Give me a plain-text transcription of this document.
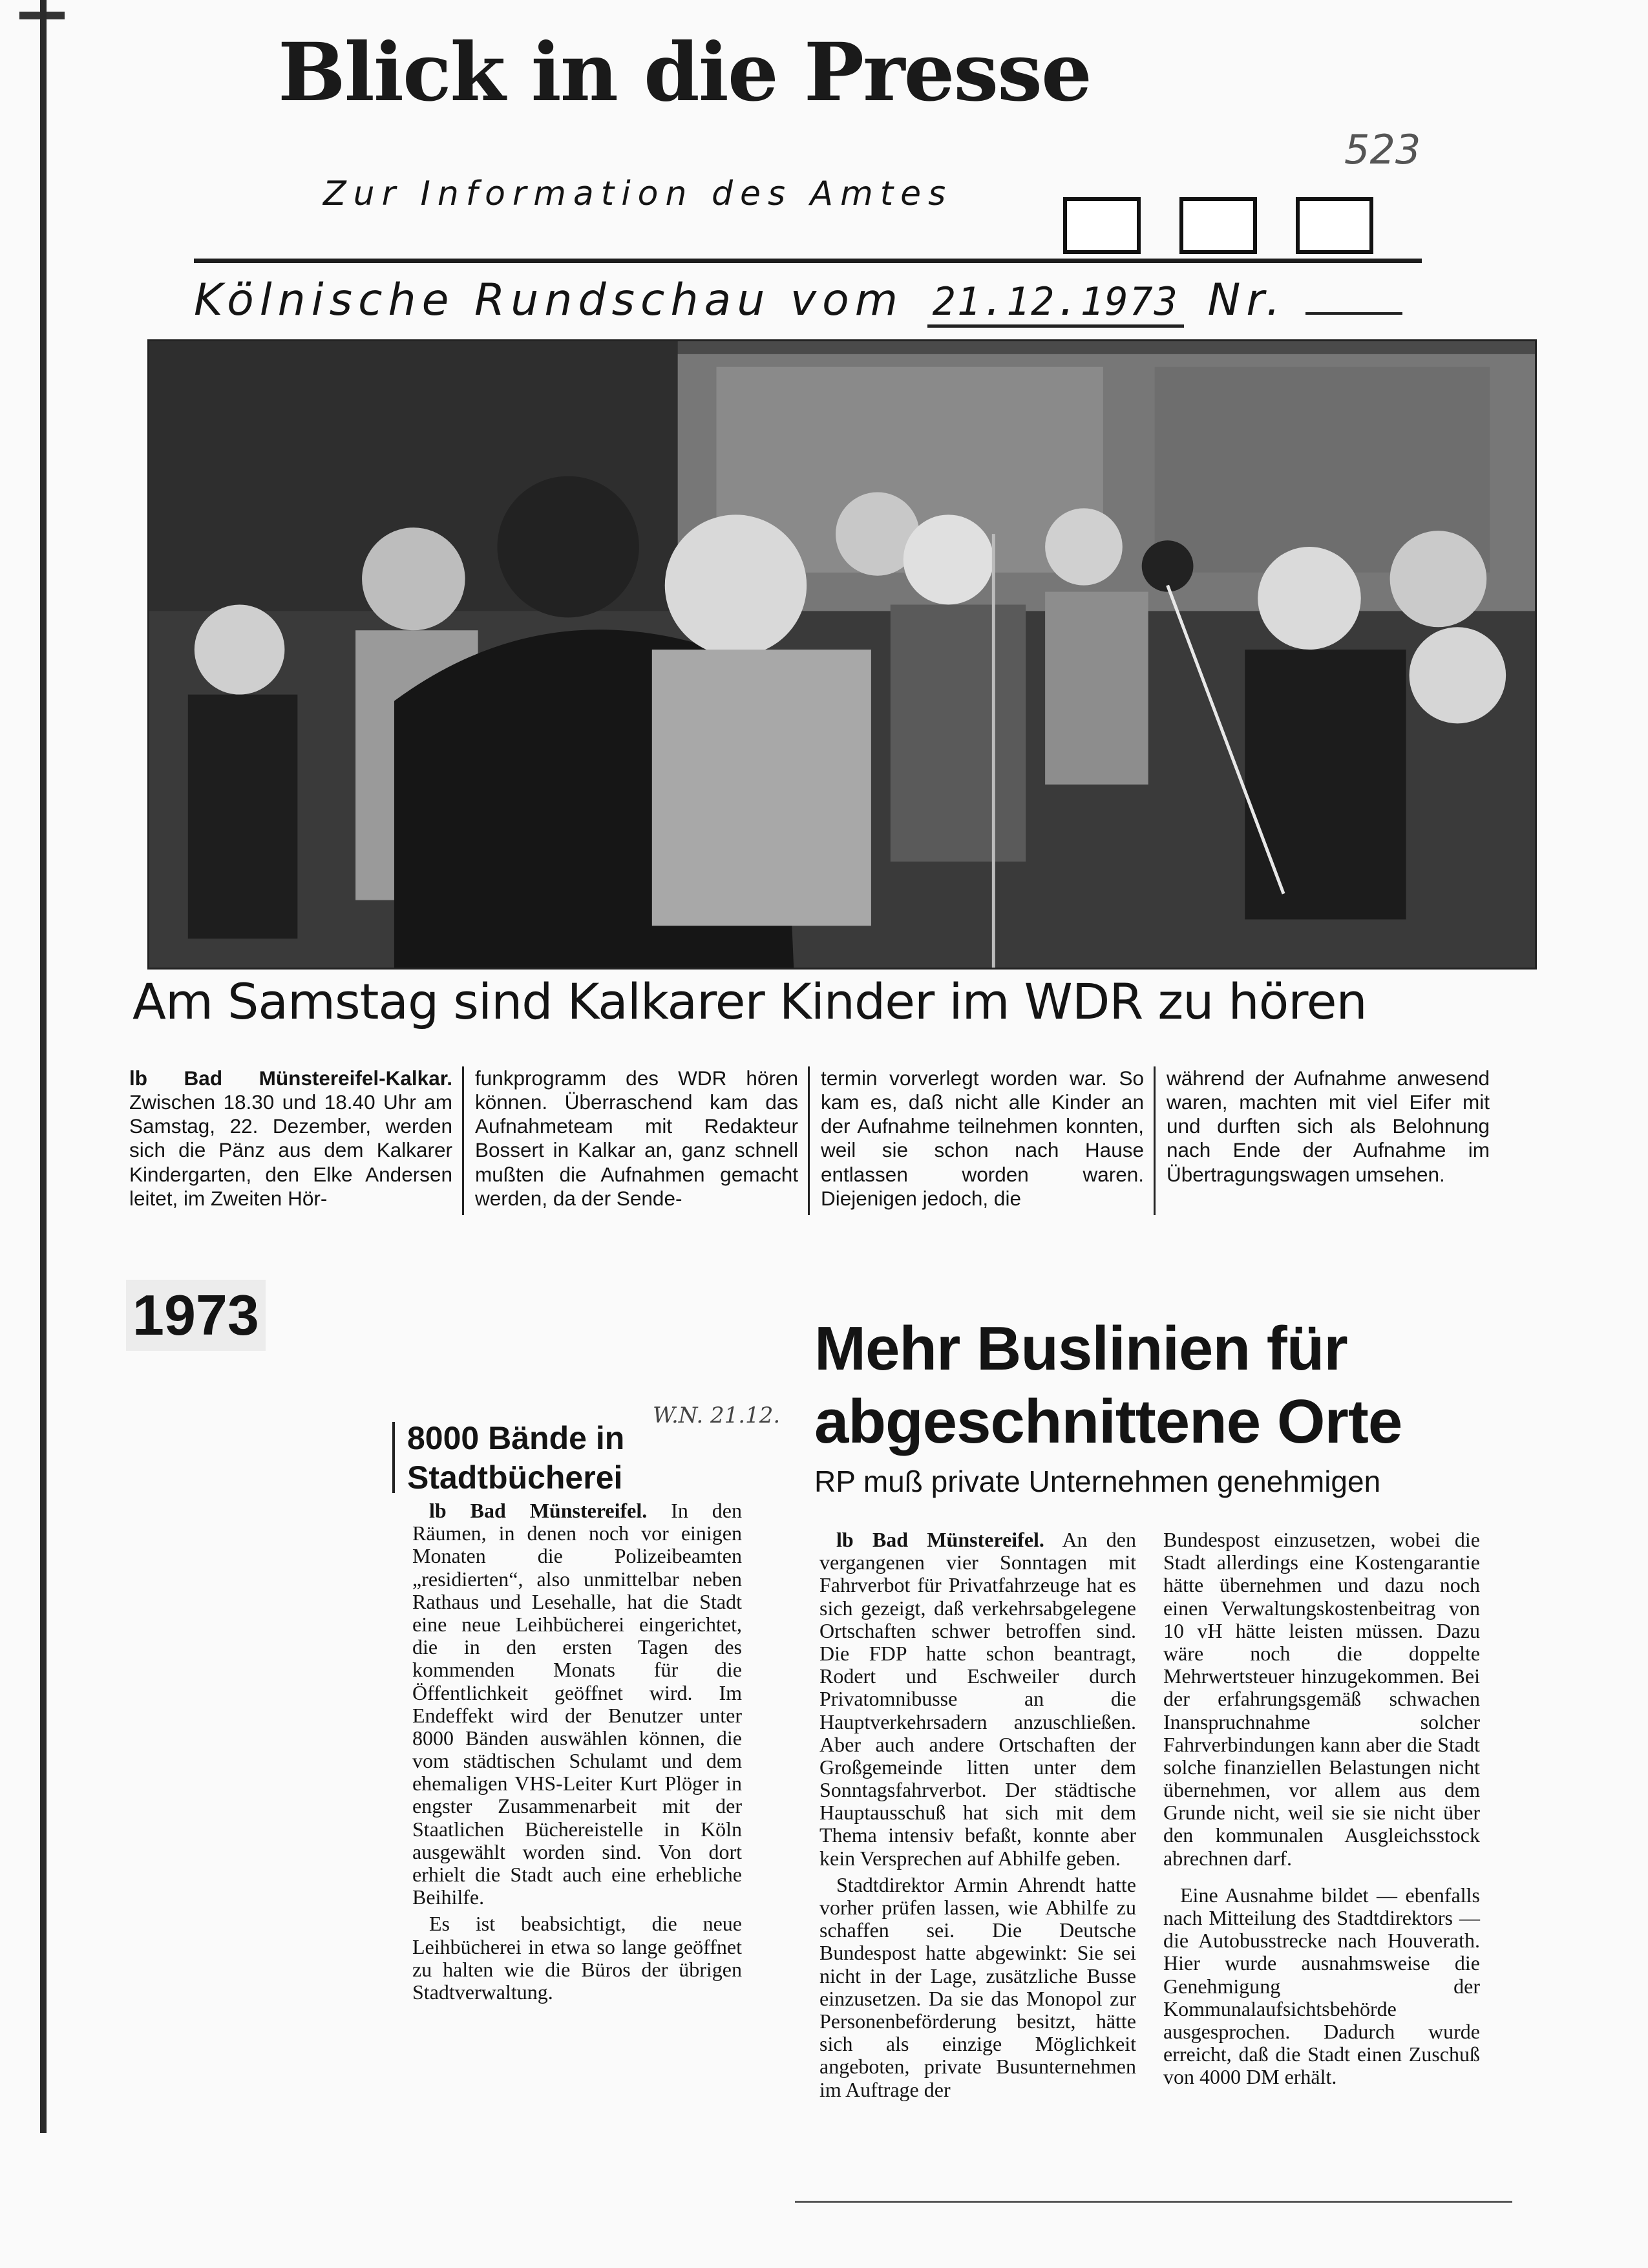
Blick in die Presse
523
Zur Information des Amtes
Kölnische Rundschau vom 21.12.1973 Nr.
Am Samstag sind Kalkarer Kinder im WDR zu hören
lb Bad Münstereifel-Kalkar. Zwischen 18.30 und 18.40 Uhr am Samstag, 22. Dezember, werden sich die Pänz aus dem Kalkarer Kindergarten, den Elke Andersen leitet, im Zweiten Hör-
funkprogramm des WDR hören können. Überraschend kam das Aufnahmeteam mit Redakteur Bossert in Kalkar an, ganz schnell mußten die Aufnahmen gemacht werden, da der Sende-
termin vorverlegt worden war. So kam es, daß nicht alle Kinder an der Aufnahme teilnehmen konnten, weil sie schon nach Hause entlassen worden waren. Diejenigen jedoch, die
während der Aufnahme anwesend waren, machten mit viel Eifer mit und durften sich als Belohnung nach Ende der Aufnahme im Übertragungswagen umsehen.
1973
8000 Bände in
Stadtbücherei
W.N. 21.12.

lb Bad Münstereifel. In den Räumen, in denen noch vor einigen Monaten die Polizeibeamten „residierten“, also unmittelbar neben Rathaus und Lesehalle, hat die Stadt eine neue Leihbücherei eingerichtet, die in den ersten Tagen des kommenden Monats für die Öffentlichkeit geöffnet wird. Im Endeffekt wird der Benutzer unter 8000 Bänden auswählen können, die vom städtischen Schulamt und dem ehemaligen VHS-Leiter Kurt Plöger in engster Zusammenarbeit mit der Staatlichen Büchereistelle in Köln ausgewählt worden sind. Von dort erhielt die Stadt auch eine erhebliche Beihilfe.

Es ist beabsichtigt, die neue Leihbücherei in etwa so lange geöffnet zu halten wie die Büros der übrigen Stadtverwaltung.

Mehr Buslinien für
abgeschnittene Orte
RP muß private Unternehmen genehmigen

lb Bad Münstereifel. An den vergangenen vier Sonntagen mit Fahrverbot für Privatfahrzeuge hat es sich gezeigt, daß verkehrsabgelegene Ortschaften schwer betroffen sind. Die FDP hatte schon beantragt, Rodert und Eschweiler durch Privatomnibusse an die Hauptverkehrsadern anzuschließen. Aber auch andere Ortschaften der Großgemeinde litten unter dem Sonntagsfahrverbot. Der städtische Hauptausschuß hat sich mit dem Thema intensiv befaßt, konnte aber kein Versprechen auf Abhilfe geben.

Stadtdirektor Armin Ahrendt hatte vorher prüfen lassen, wie Abhilfe zu schaffen sei. Die Deutsche Bundespost hatte abgewinkt: Sie sei nicht in der Lage, zusätzliche Busse einzusetzen. Da sie das Monopol zur Personenbeförderung besitzt, hätte sich als einzige Möglichkeit angeboten, private Busunternehmen im Auftrage der

Bundespost einzusetzen, wobei die Stadt allerdings eine Kostengarantie hätte übernehmen und dazu noch einen Verwaltungskostenbeitrag von 10 vH hätte leisten müssen. Dazu wäre noch die doppelte Mehrwertsteuer hinzugekommen. Bei der erfahrungsgemäß schwachen Inanspruchnahme solcher Fahrverbindungen kann aber die Stadt solche finanziellen Belastungen nicht übernehmen, vor allem aus dem Grunde nicht, weil sie sie nicht über den kommunalen Ausgleichsstock abrechnen darf.

Eine Ausnahme bildet — ebenfalls nach Mitteilung des Stadtdirektors — die Autobusstrecke nach Houverath. Hier wurde ausnahmsweise die Genehmigung der Kommunalaufsichtsbehörde ausgesprochen. Dadurch wurde erreicht, daß die Stadt einen Zuschuß von 4000 DM erhält.
